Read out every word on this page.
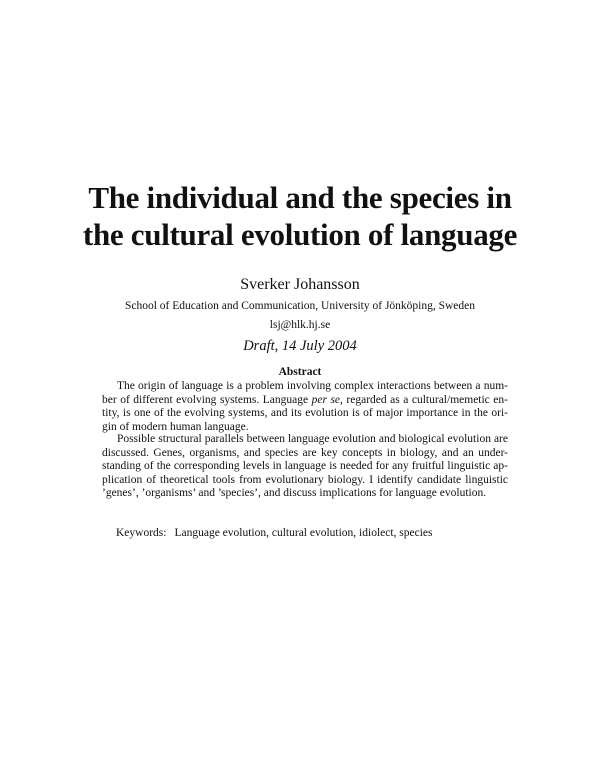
The individual and the species in
the cultural evolution of language
Sverker Johansson
School of Education and Communication, University of Jönköping, Sweden
lsj@hlk.hj.se
Draft, 14 July 2004
Abstract
The origin of language is a problem involving complex interactions between a num-
ber of different evolving systems. Language per se, regarded as a cultural/memetic en-
tity, is one of the evolving systems, and its evolution is of major importance in the ori-
gin of modern human language.
Possible structural parallels between language evolution and biological evolution are
discussed. Genes, organisms, and species are key concepts in biology, and an under-
standing of the corresponding levels in language is needed for any fruitful linguistic ap-
plication of theoretical tools from evolutionary biology. I identify candidate linguistic
’genes’, ’organisms’ and ’species’, and discuss implications for language evolution.
Keywords: Language evolution, cultural evolution, idiolect, species
